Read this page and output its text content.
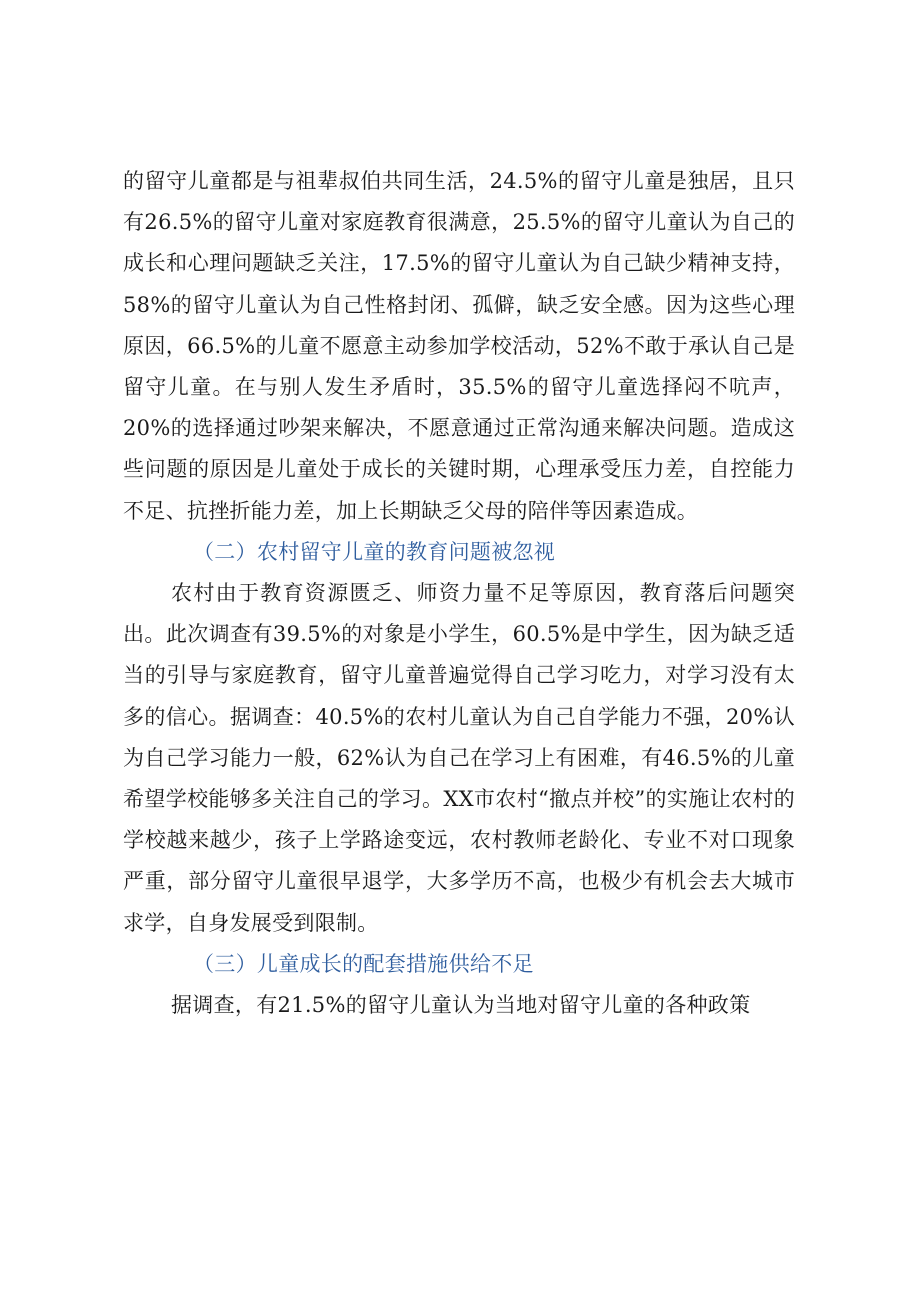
的留守儿童都是与祖辈叔伯共同生活，24.5%的留守儿童是独居，且只有26.5%的留守儿童对家庭教育很满意，25.5%的留守儿童认为自己的成长和心理问题缺乏关注，17.5%的留守儿童认为自己缺少精神支持，58%的留守儿童认为自己性格封闭、孤僻，缺乏安全感。因为这些心理原因，66.5%的儿童不愿意主动参加学校活动，52%不敢于承认自己是留守儿童。在与别人发生矛盾时，35.5%的留守儿童选择闷不吭声，20%的选择通过吵架来解决，不愿意通过正常沟通来解决问题。造成这些问题的原因是儿童处于成长的关键时期，心理承受压力差，自控能力不足、抗挫折能力差，加上长期缺乏父母的陪伴等因素造成。

（二）农村留守儿童的教育问题被忽视

农村由于教育资源匮乏、师资力量不足等原因，教育落后问题突出。此次调查有39.5%的对象是小学生，60.5%是中学生，因为缺乏适当的引导与家庭教育，留守儿童普遍觉得自己学习吃力，对学习没有太多的信心。据调查：40.5%的农村儿童认为自己自学能力不强，20%认为自己学习能力一般，62%认为自己在学习上有困难，有46.5%的儿童希望学校能够多关注自己的学习。XX市农村“撤点并校”的实施让农村的学校越来越少，孩子上学路途变远，农村教师老龄化、专业不对口现象严重，部分留守儿童很早退学，大多学历不高，也极少有机会去大城市求学，自身发展受到限制。

（三）儿童成长的配套措施供给不足

据调查，有21.5%的留守儿童认为当地对留守儿童的各种政策
